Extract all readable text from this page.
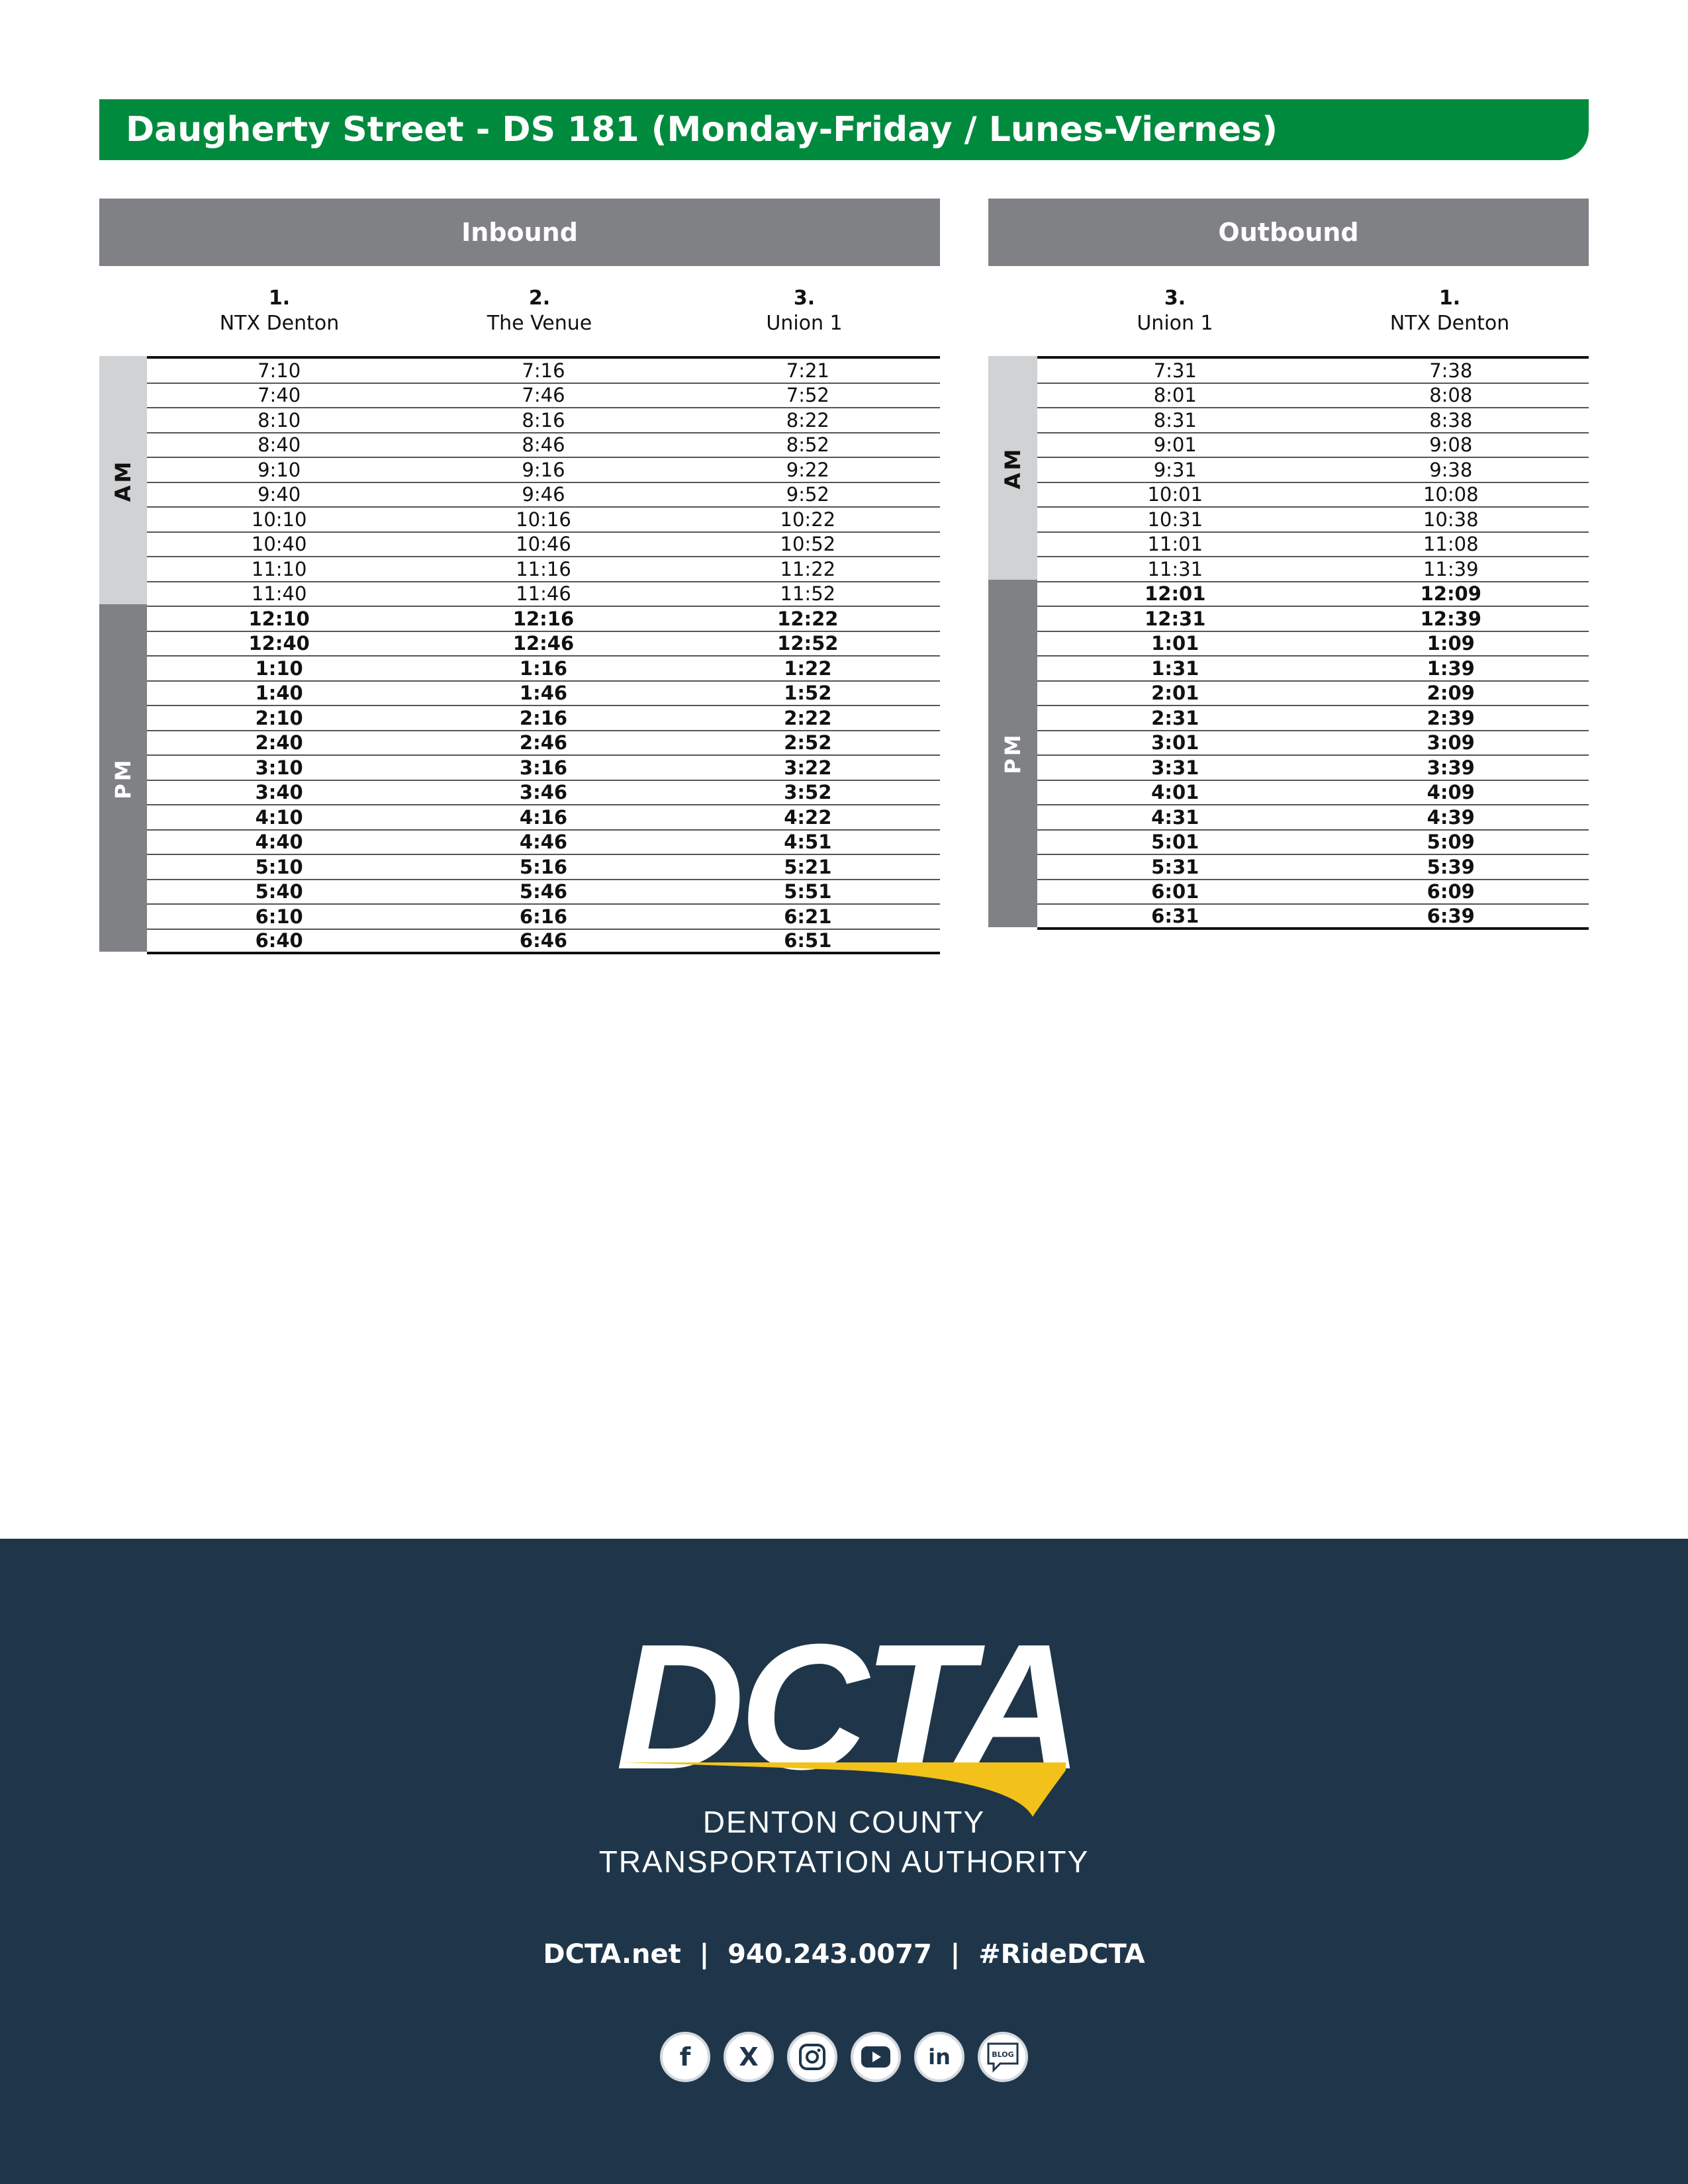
Daugherty Street - DS 181 (Monday-Friday / Lunes-Viernes)
Inbound
1.
NTX Denton
2.
The Venue
3.
Union 1
AM
PM
7:10	7:16	7:21
7:40	7:46	7:52
8:10	8:16	8:22
8:40	8:46	8:52
9:10	9:16	9:22
9:40	9:46	9:52
10:10	10:16	10:22
10:40	10:46	10:52
11:10	11:16	11:22
11:40	11:46	11:52
12:10	12:16	12:22
12:40	12:46	12:52
1:10	1:16	1:22
1:40	1:46	1:52
2:10	2:16	2:22
2:40	2:46	2:52
3:10	3:16	3:22
3:40	3:46	3:52
4:10	4:16	4:22
4:40	4:46	4:51
5:10	5:16	5:21
5:40	5:46	5:51
6:10	6:16	6:21
6:40	6:46	6:51
Outbound
3.
Union 1
1.
NTX Denton
AM
PM
7:31	7:38
8:01	8:08
8:31	8:38
9:01	9:08
9:31	9:38
10:01	10:08
10:31	10:38
11:01	11:08
11:31	11:39
12:01	12:09
12:31	12:39
1:01	1:09
1:31	1:39
2:01	2:09
2:31	2:39
3:01	3:09
3:31	3:39
4:01	4:09
4:31	4:39
5:01	5:09
5:31	5:39
6:01	6:09
6:31	6:39
DCTA
DENTON COUNTY
TRANSPORTATION AUTHORITY
DCTA.net  |  940.243.0077  |  #RideDCTA
f	X	in	BLOG
